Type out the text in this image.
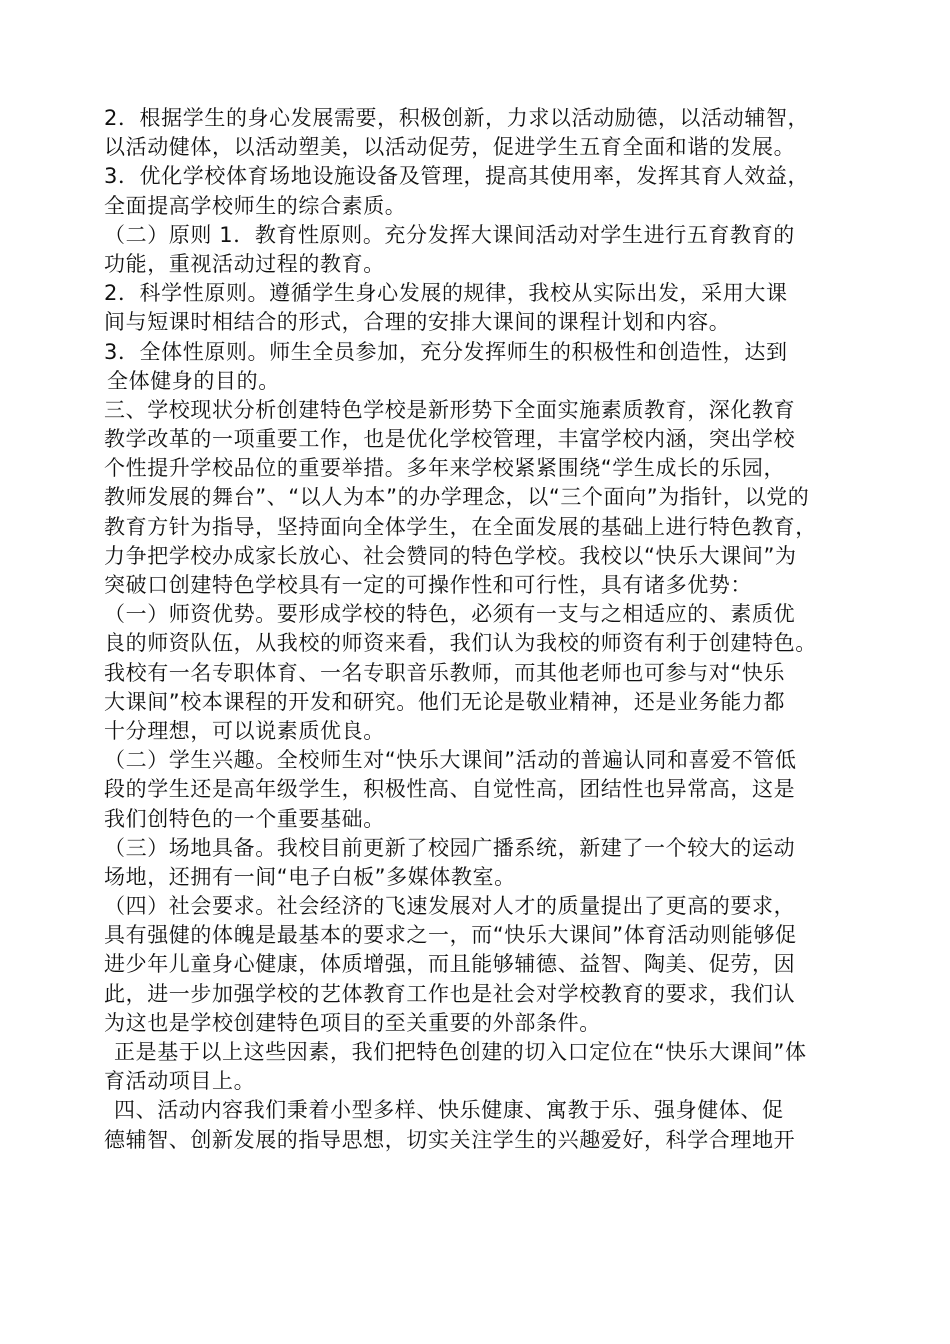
2．根据学生的身心发展需要，积极创新，力求以活动励德，以活动辅智，
以活动健体，以活动塑美，以活动促劳，促进学生五育全面和谐的发展。
3．优化学校体育场地设施设备及管理，提高其使用率，发挥其育人效益，
全面提高学校师生的综合素质。
（二）原则 1．教育性原则。充分发挥大课间活动对学生进行五育教育的
功能，重视活动过程的教育。
2．科学性原则。遵循学生身心发展的规律，我校从实际出发，采用大课
间与短课时相结合的形式，合理的安排大课间的课程计划和内容。
3．全体性原则。师生全员参加，充分发挥师生的积极性和创造性，达到
全体健身的目的。
三、学校现状分析创建特色学校是新形势下全面实施素质教育，深化教育
教学改革的一项重要工作，也是优化学校管理，丰富学校内涵，突出学校
个性提升学校品位的重要举措。多年来学校紧紧围绕“学生成长的乐园，
教师发展的舞台”、“以人为本”的办学理念，以“三个面向”为指针，以党的
教育方针为指导，坚持面向全体学生，在全面发展的基础上进行特色教育，
力争把学校办成家长放心、社会赞同的特色学校。我校以“快乐大课间”为
突破口创建特色学校具有一定的可操作性和可行性，具有诸多优势：
（一）师资优势。要形成学校的特色，必须有一支与之相适应的、素质优
良的师资队伍，从我校的师资来看，我们认为我校的师资有利于创建特色。
我校有一名专职体育、一名专职音乐教师，而其他老师也可参与对“快乐
大课间”校本课程的开发和研究。他们无论是敬业精神，还是业务能力都
十分理想，可以说素质优良。
（二）学生兴趣。全校师生对“快乐大课间”活动的普遍认同和喜爱不管低
段的学生还是高年级学生，积极性高、自觉性高，团结性也异常高，这是
我们创特色的一个重要基础。
（三）场地具备。我校目前更新了校园广播系统，新建了一个较大的运动
场地，还拥有一间“电子白板”多媒体教室。
（四）社会要求。社会经济的飞速发展对人才的质量提出了更高的要求，
具有强健的体魄是最基本的要求之一，而“快乐大课间”体育活动则能够促
进少年儿童身心健康，体质增强，而且能够辅德、益智、陶美、促劳，因
此，进一步加强学校的艺体教育工作也是社会对学校教育的要求，我们认
为这也是学校创建特色项目的至关重要的外部条件。
正是基于以上这些因素，我们把特色创建的切入口定位在“快乐大课间”体
育活动项目上。
四、活动内容我们秉着小型多样、快乐健康、寓教于乐、强身健体、促
德辅智、创新发展的指导思想，切实关注学生的兴趣爱好，科学合理地开
